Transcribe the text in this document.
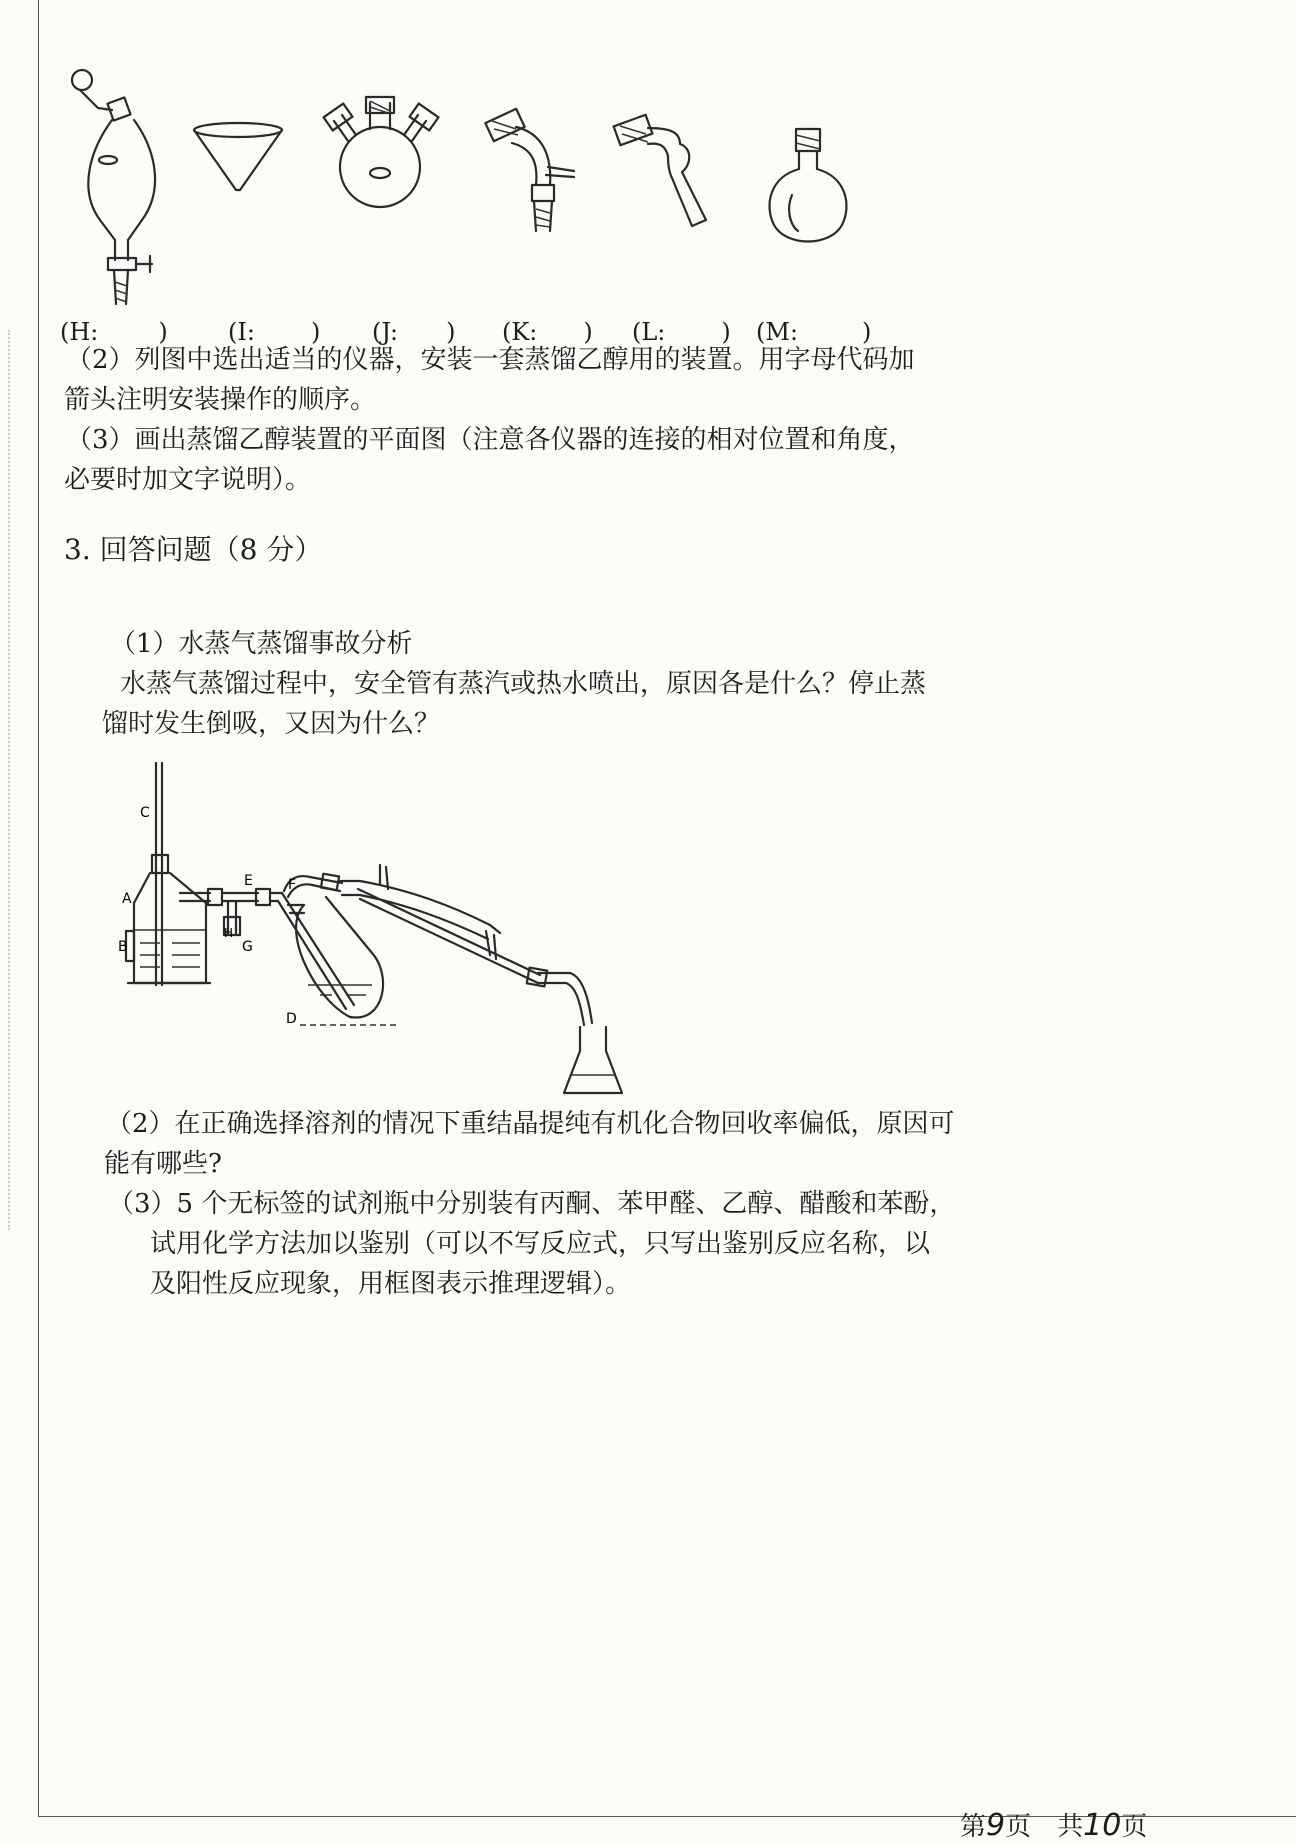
(H:	)	(I: ) (J: ) (K: ) (L: ) (M:	)
（2）列图中选出适当的仪器，安装一套蒸馏乙醇用的装置。用字母代码加
箭头注明安装操作的顺序。
（3）画出蒸馏乙醇装置的平面图（注意各仪器的连接的相对位置和角度，
必要时加文字说明）。
3. 回答问题（8 分）
（1）水蒸气蒸馏事故分析
水蒸气蒸馏过程中，安全管有蒸汽或热水喷出，原因各是什么？停止蒸
馏时发生倒吸，又因为什么？
C
A
B
E	F
G
H
D
（2）在正确选择溶剂的情况下重结晶提纯有机化合物回收率偏低，原因可
能有哪些?
（3）5 个无标签的试剂瓶中分别装有丙酮、苯甲醛、乙醇、醋酸和苯酚，
试用化学方法加以鉴别（可以不写反应式，只写出鉴别反应名称，以
及阳性反应现象，用框图表示推理逻辑）。
第9页　共10页
